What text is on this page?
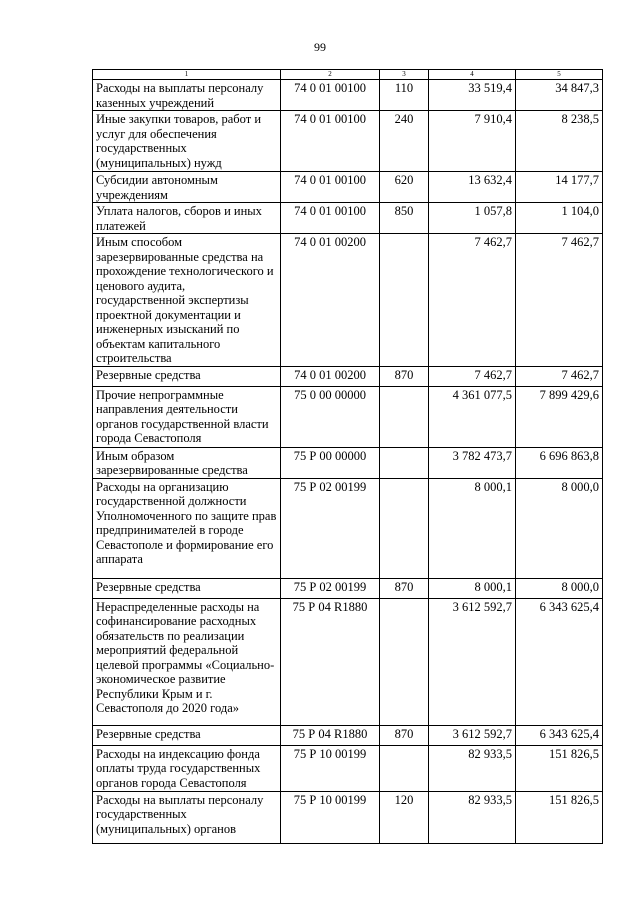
99
1	2	3	4	5
Расходы на выплаты персоналу казенных учреждений	74 0 01 00100	110	33 519,4	34 847,3
Иные закупки товаров, работ и услуг для обеспечения государственных (муниципальных) нужд	74 0 01 00100	240	7 910,4	8 238,5
Субсидии автономным учреждениям	74 0 01 00100	620	13 632,4	14 177,7
Уплата налогов, сборов и иных платежей	74 0 01 00100	850	1 057,8	1 104,0
Иным способом зарезервированные средства на прохождение технологического и ценового аудита, государственной экспертизы проектной документации и инженерных изысканий по объектам капитального строительства	74 0 01 00200		7 462,7	7 462,7
Резервные средства	74 0 01 00200	870	7 462,7	7 462,7
Прочие непрограммные направления деятельности органов государственной власти города Севастополя	75 0 00 00000		4 361 077,5	7 899 429,6
Иным образом зарезервированные средства	75 Р 00 00000		3 782 473,7	6 696 863,8
Расходы на организацию государственной должности Уполномоченного по защите прав предпринимателей в городе Севастополе и формирование его аппарата	75 Р 02 00199		8 000,1	8 000,0
Резервные средства	75 Р 02 00199	870	8 000,1	8 000,0
Нераспределенные расходы на софинансирование расходных обязательств по реализации мероприятий федеральной целевой программы «Социально-экономическое развитие Республики Крым и г. Севастополя до 2020 года»	75 Р 04 R1880		3 612 592,7	6 343 625,4
Резервные средства	75 Р 04 R1880	870	3 612 592,7	6 343 625,4
Расходы на индексацию фонда оплаты труда государственных органов города Севастополя	75 Р 10 00199		82 933,5	151 826,5
Расходы на выплаты персоналу государственных (муниципальных) органов	75 Р 10 00199	120	82 933,5	151 826,5
